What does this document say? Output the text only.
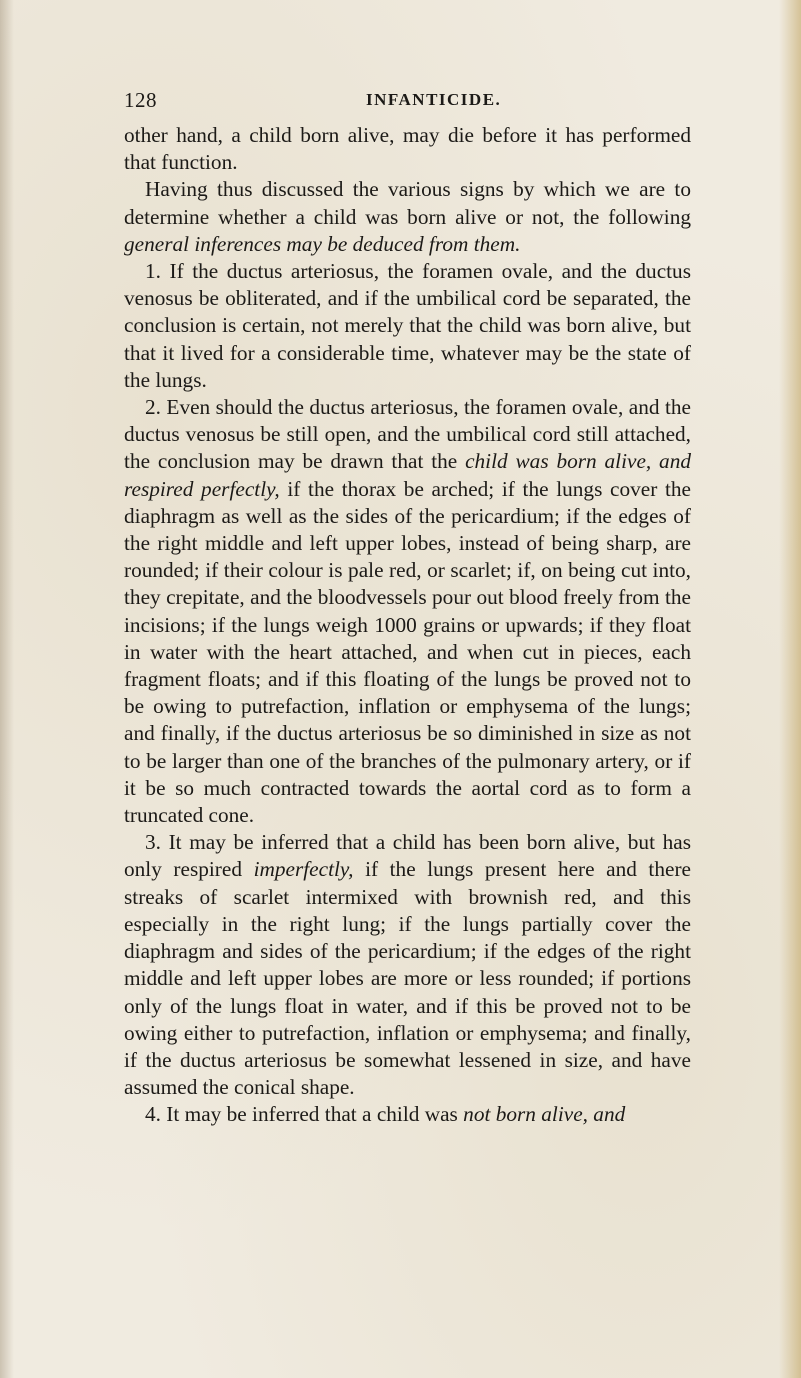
128	INFANTICIDE.

other hand, a child born alive, may die before it has performed that function.

Having thus discussed the various signs by which we are to determine whether a child was born alive or not, the following general inferences may be deduced from them.

1. If the ductus arteriosus, the foramen ovale, and the ductus venosus be obliterated, and if the umbilical cord be separated, the conclusion is certain, not merely that the child was born alive, but that it lived for a considerable time, whatever may be the state of the lungs.

2. Even should the ductus arteriosus, the foramen ovale, and the ductus venosus be still open, and the umbilical cord still attached, the conclusion may be drawn that the child was born alive, and respired perfectly, if the thorax be arched; if the lungs cover the diaphragm as well as the sides of the pericardium; if the edges of the right middle and left upper lobes, instead of being sharp, are rounded; if their colour is pale red, or scarlet; if, on being cut into, they crepitate, and the bloodvessels pour out blood freely from the incisions; if the lungs weigh 1000 grains or upwards; if they float in water with the heart attached, and when cut in pieces, each fragment floats; and if this floating of the lungs be proved not to be owing to putrefaction, inflation or emphysema of the lungs; and finally, if the ductus arteriosus be so diminished in size as not to be larger than one of the branches of the pulmonary artery, or if it be so much contracted towards the aortal cord as to form a truncated cone.

3. It may be inferred that a child has been born alive, but has only respired imperfectly, if the lungs present here and there streaks of scarlet intermixed with brownish red, and this especially in the right lung; if the lungs partially cover the diaphragm and sides of the pericardium; if the edges of the right middle and left upper lobes are more or less rounded; if portions only of the lungs float in water, and if this be proved not to be owing either to putrefaction, inflation or emphysema; and finally, if the ductus arteriosus be somewhat lessened in size, and have assumed the conical shape.

4. It may be inferred that a child was not born alive, and
